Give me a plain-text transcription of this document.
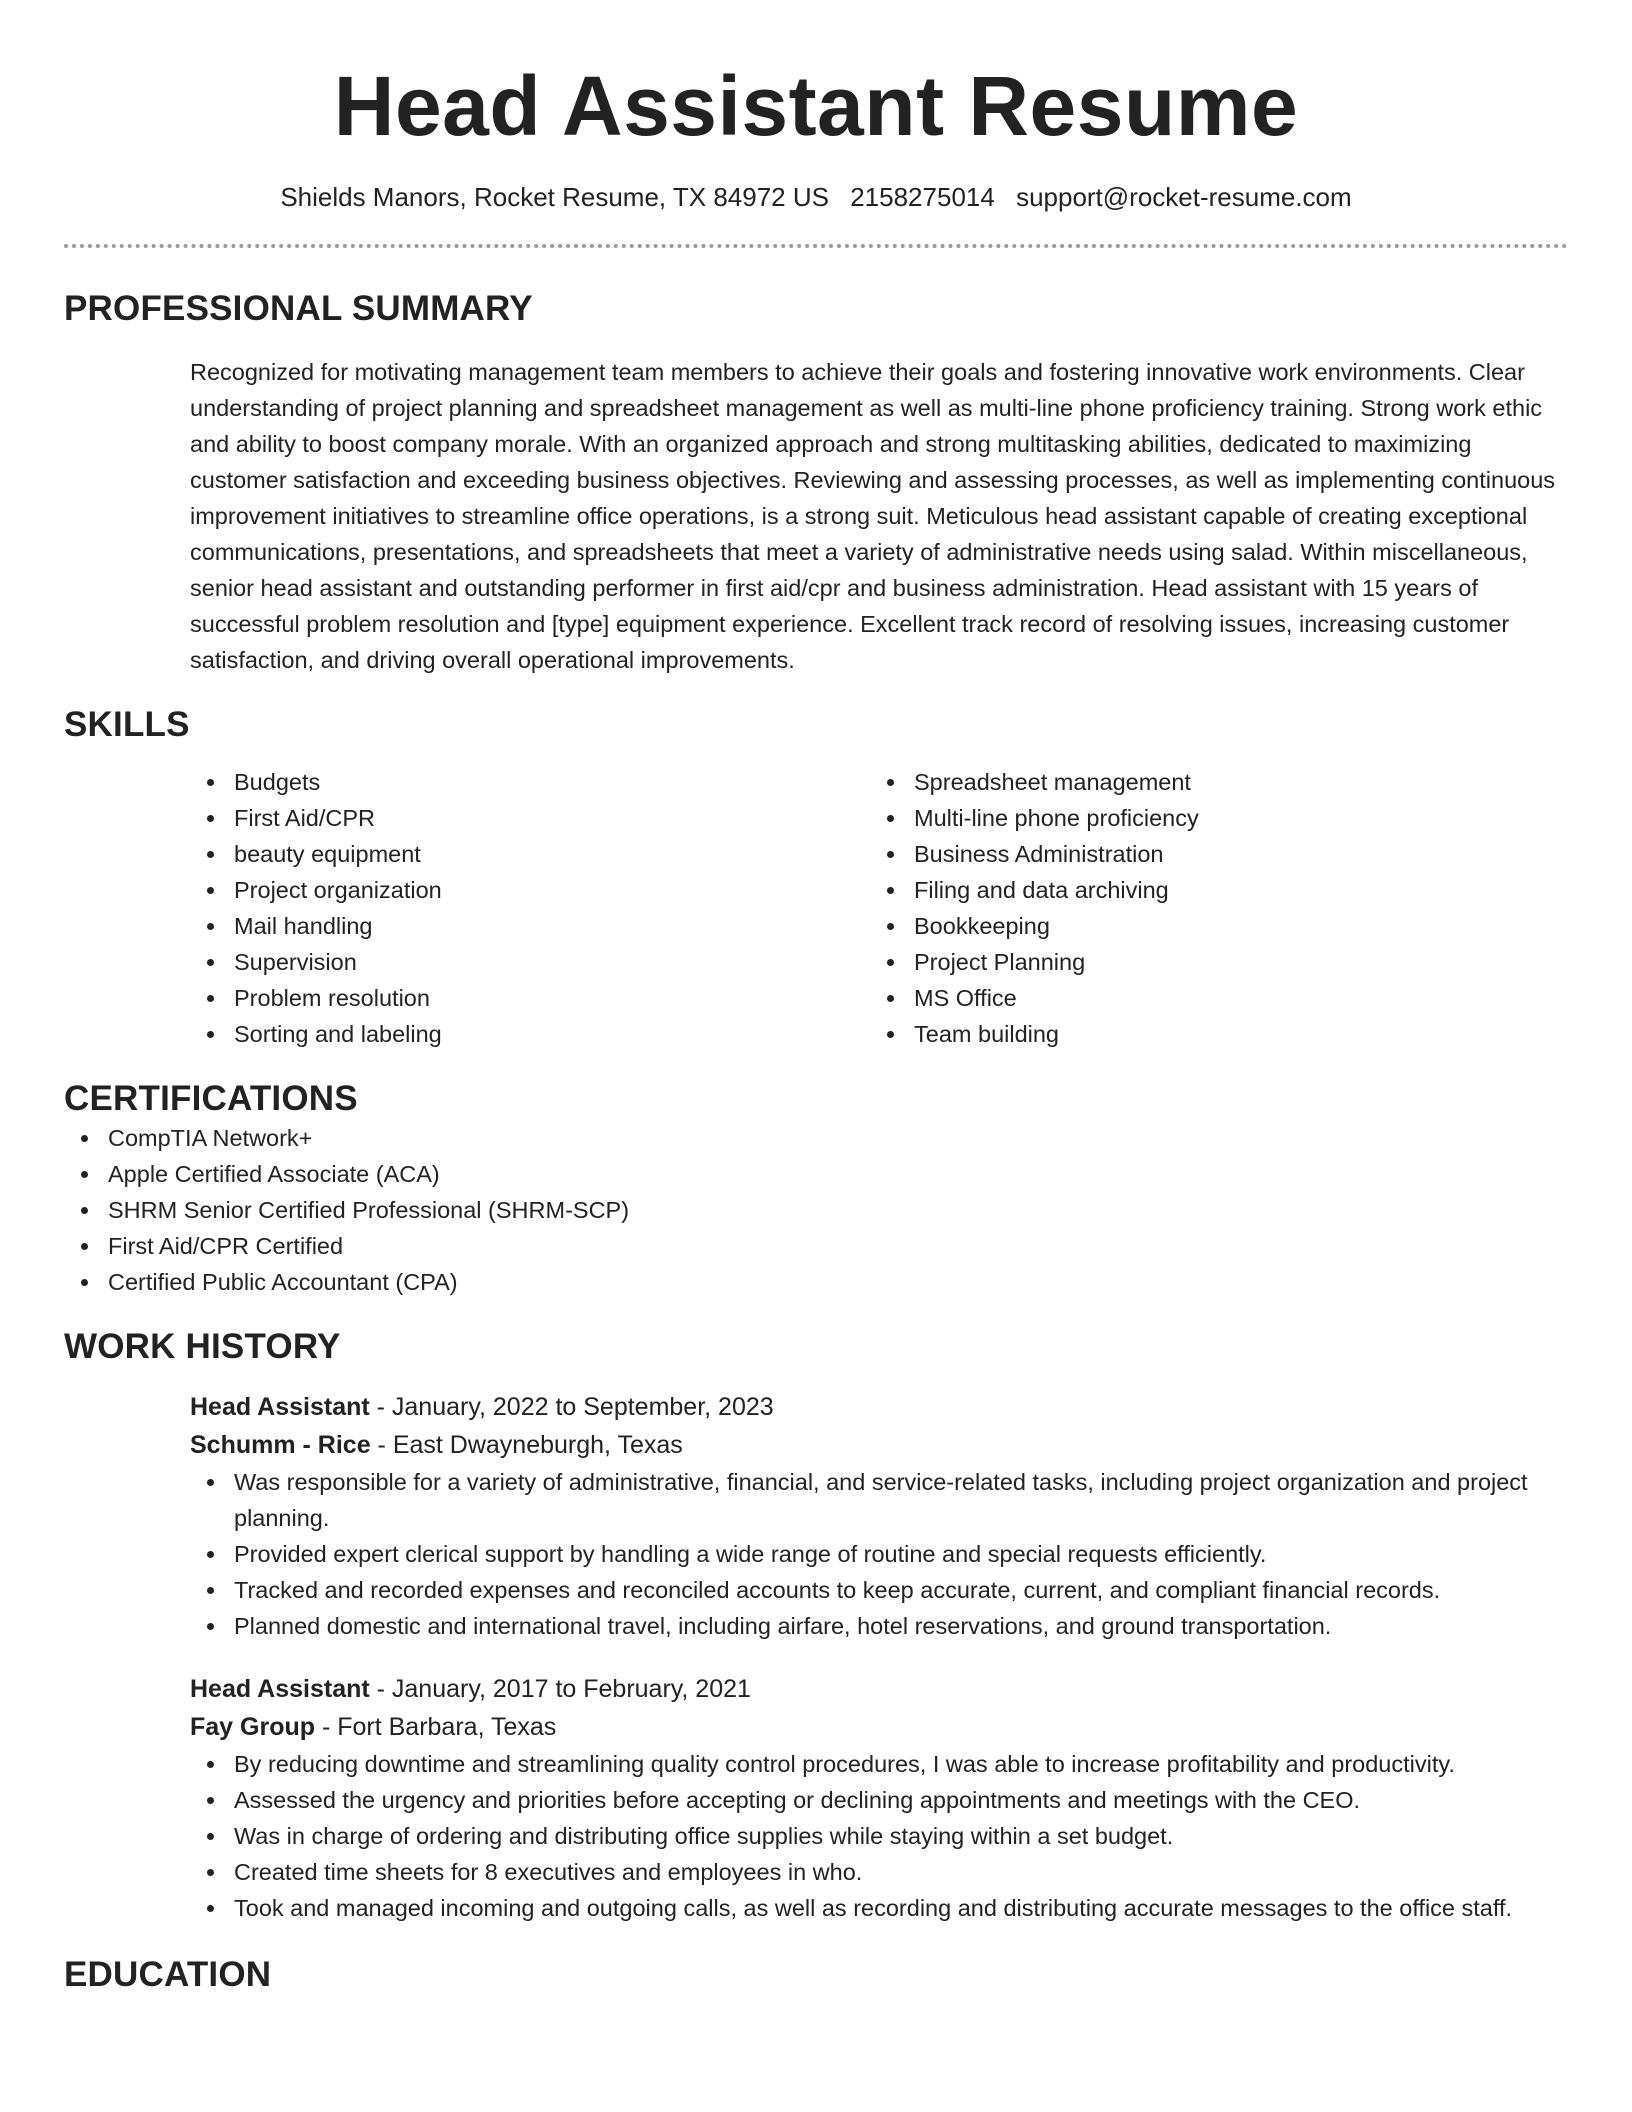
Head Assistant Resume
Shields Manors, Rocket Resume, TX 84972 US 2158275014 support@rocket-resume.com
PROFESSIONAL SUMMARY
Recognized for motivating management team members to achieve their goals and fostering innovative work environments. Clear understanding of project planning and spreadsheet management as well as multi-line phone proficiency training. Strong work ethic and ability to boost company morale. With an organized approach and strong multitasking abilities, dedicated to maximizing customer satisfaction and exceeding business objectives. Reviewing and assessing processes, as well as implementing continuous improvement initiatives to streamline office operations, is a strong suit. Meticulous head assistant capable of creating exceptional communications, presentations, and spreadsheets that meet a variety of administrative needs using salad. Within miscellaneous, senior head assistant and outstanding performer in first aid/cpr and business administration. Head assistant with 15 years of successful problem resolution and [type] equipment experience. Excellent track record of resolving issues, increasing customer satisfaction, and driving overall operational improvements.
SKILLS
Budgets
First Aid/CPR
beauty equipment
Project organization
Mail handling
Supervision
Problem resolution
Sorting and labeling
Spreadsheet management
Multi-line phone proficiency
Business Administration
Filing and data archiving
Bookkeeping
Project Planning
MS Office
Team building
CERTIFICATIONS
CompTIA Network+
Apple Certified Associate (ACA)
SHRM Senior Certified Professional (SHRM-SCP)
First Aid/CPR Certified
Certified Public Accountant (CPA)
WORK HISTORY
Head Assistant - January, 2022 to September, 2023
Schumm - Rice - East Dwayneburgh, Texas
Was responsible for a variety of administrative, financial, and service-related tasks, including project organization and project planning.
Provided expert clerical support by handling a wide range of routine and special requests efficiently.
Tracked and recorded expenses and reconciled accounts to keep accurate, current, and compliant financial records.
Planned domestic and international travel, including airfare, hotel reservations, and ground transportation.
Head Assistant - January, 2017 to February, 2021
Fay Group - Fort Barbara, Texas
By reducing downtime and streamlining quality control procedures, I was able to increase profitability and productivity.
Assessed the urgency and priorities before accepting or declining appointments and meetings with the CEO.
Was in charge of ordering and distributing office supplies while staying within a set budget.
Created time sheets for 8 executives and employees in who.
Took and managed incoming and outgoing calls, as well as recording and distributing accurate messages to the office staff.
EDUCATION
